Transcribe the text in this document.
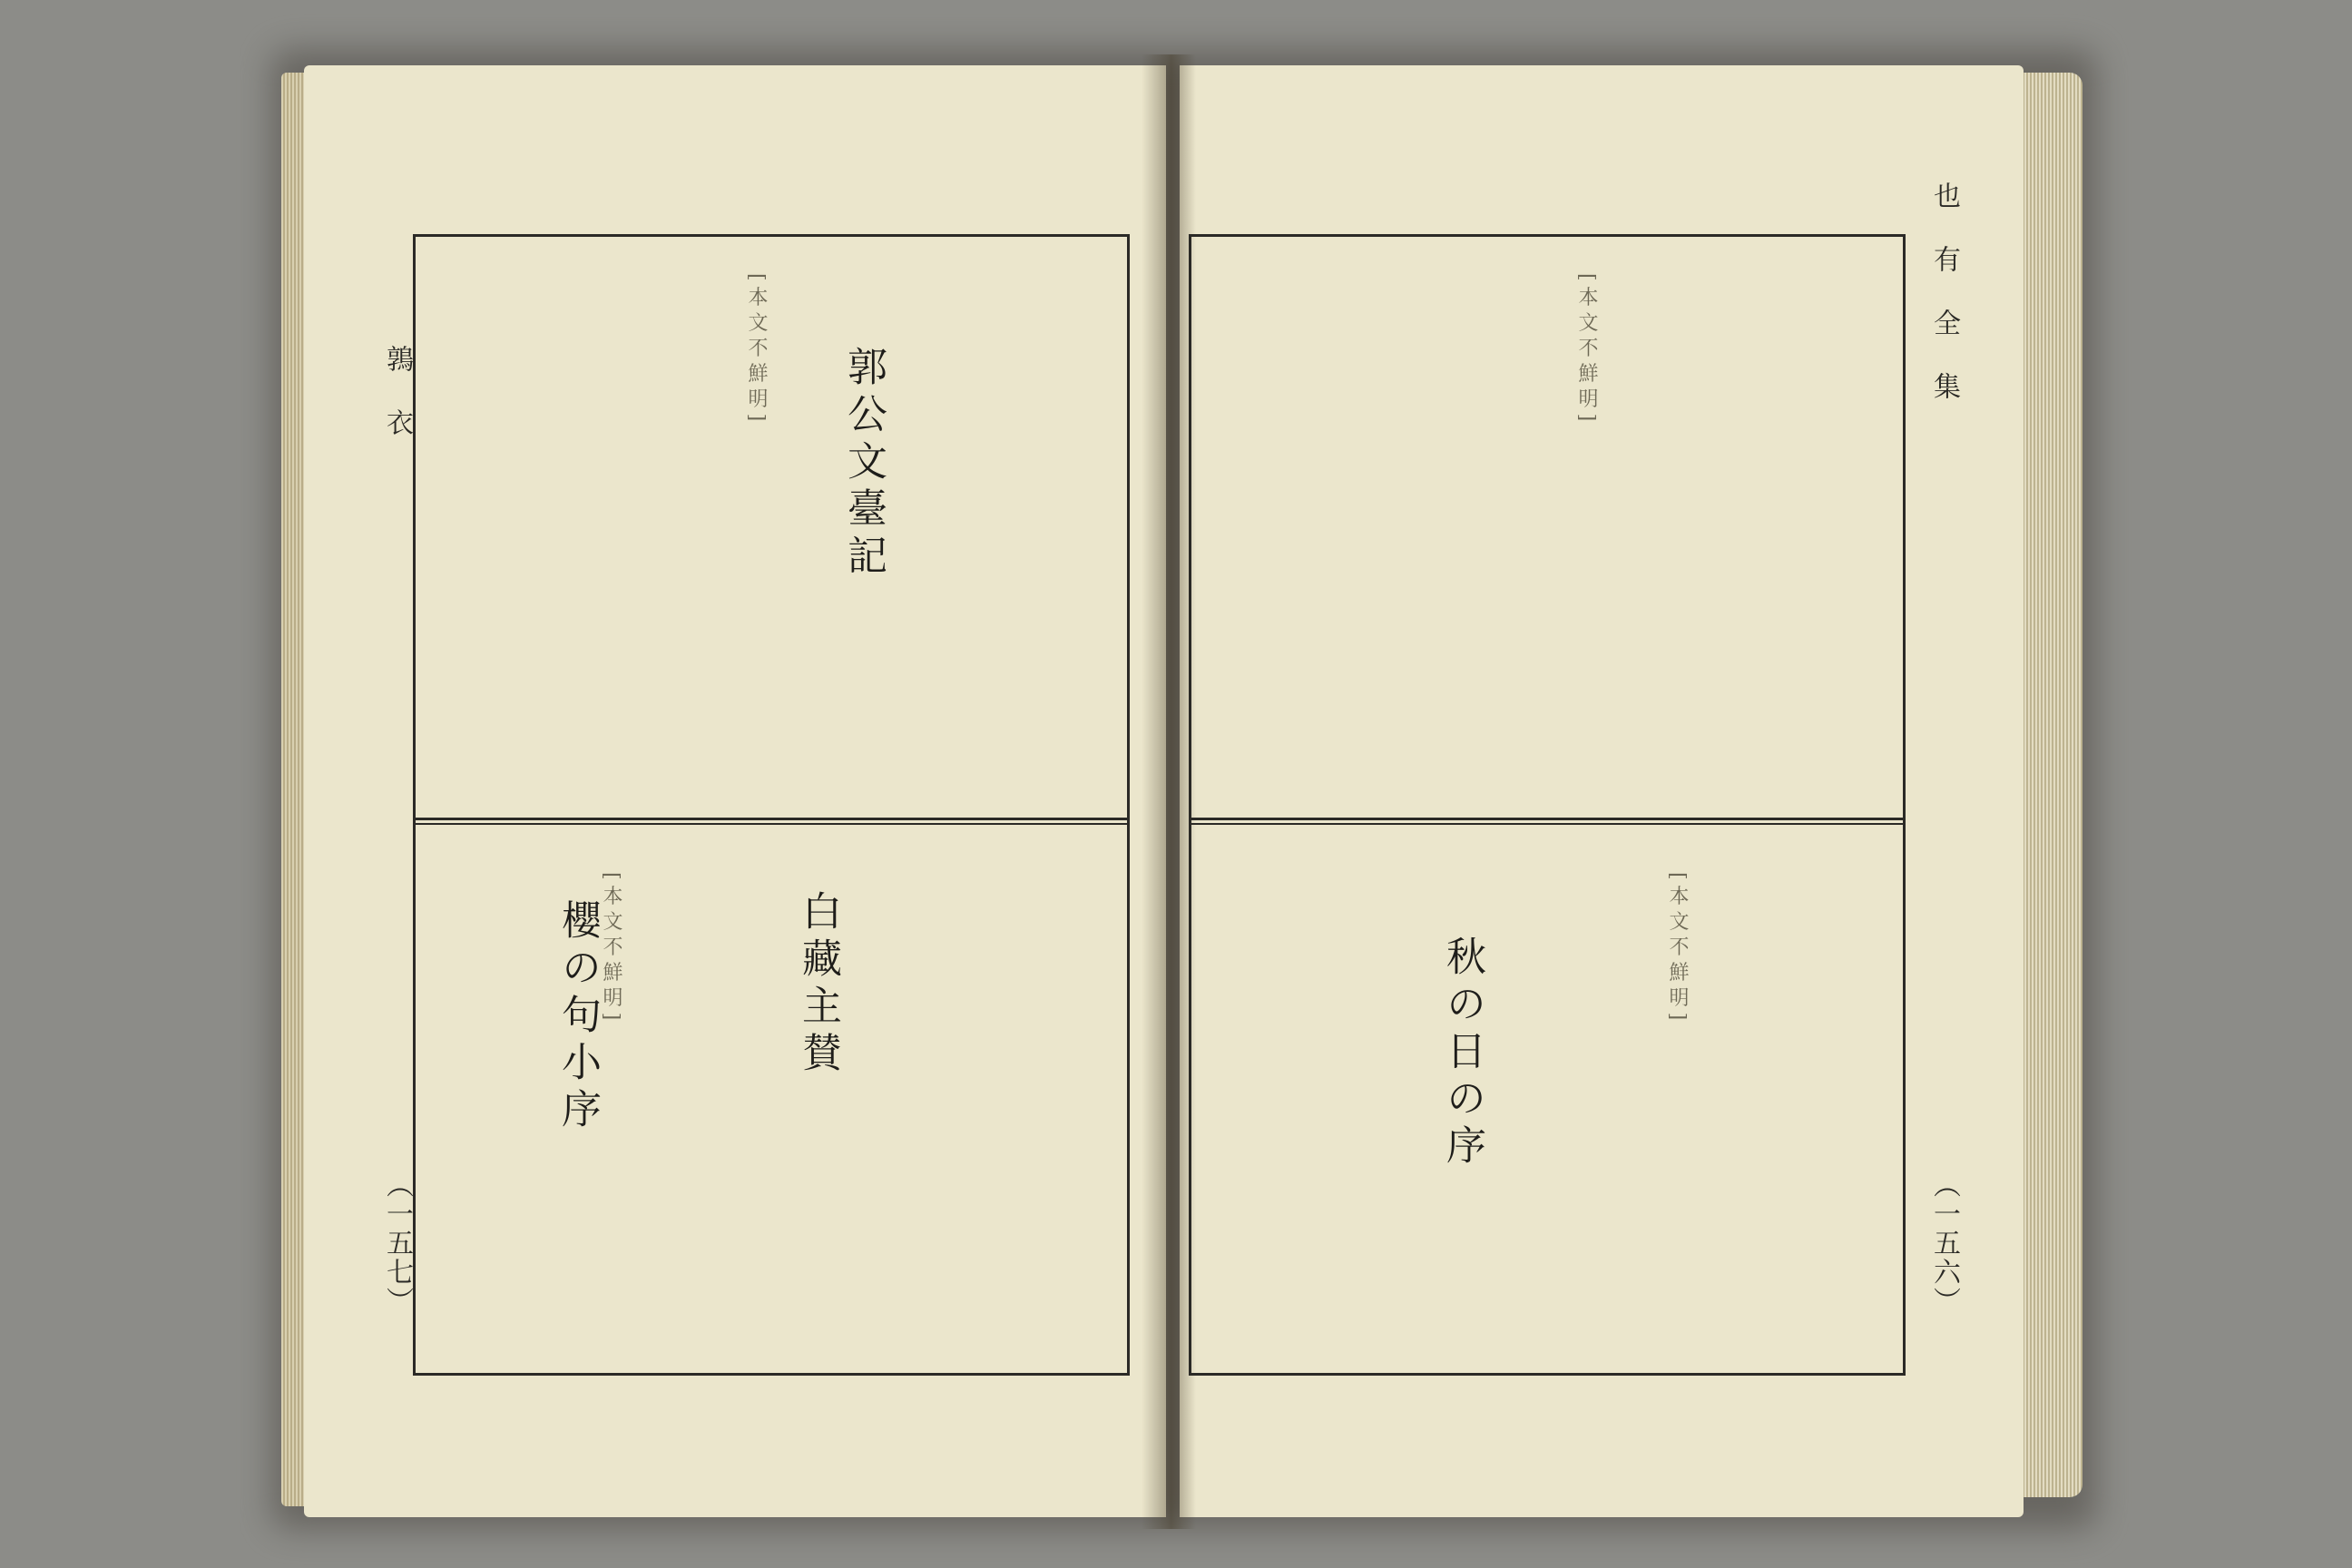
郭公文臺記
白藏主賛
櫻の句小序
[本文不鮮明]
[本文不鮮明]
鶉衣
（一五七）
秋の日の序
[本文不鮮明]
[本文不鮮明]
也有全集
（一五六）
